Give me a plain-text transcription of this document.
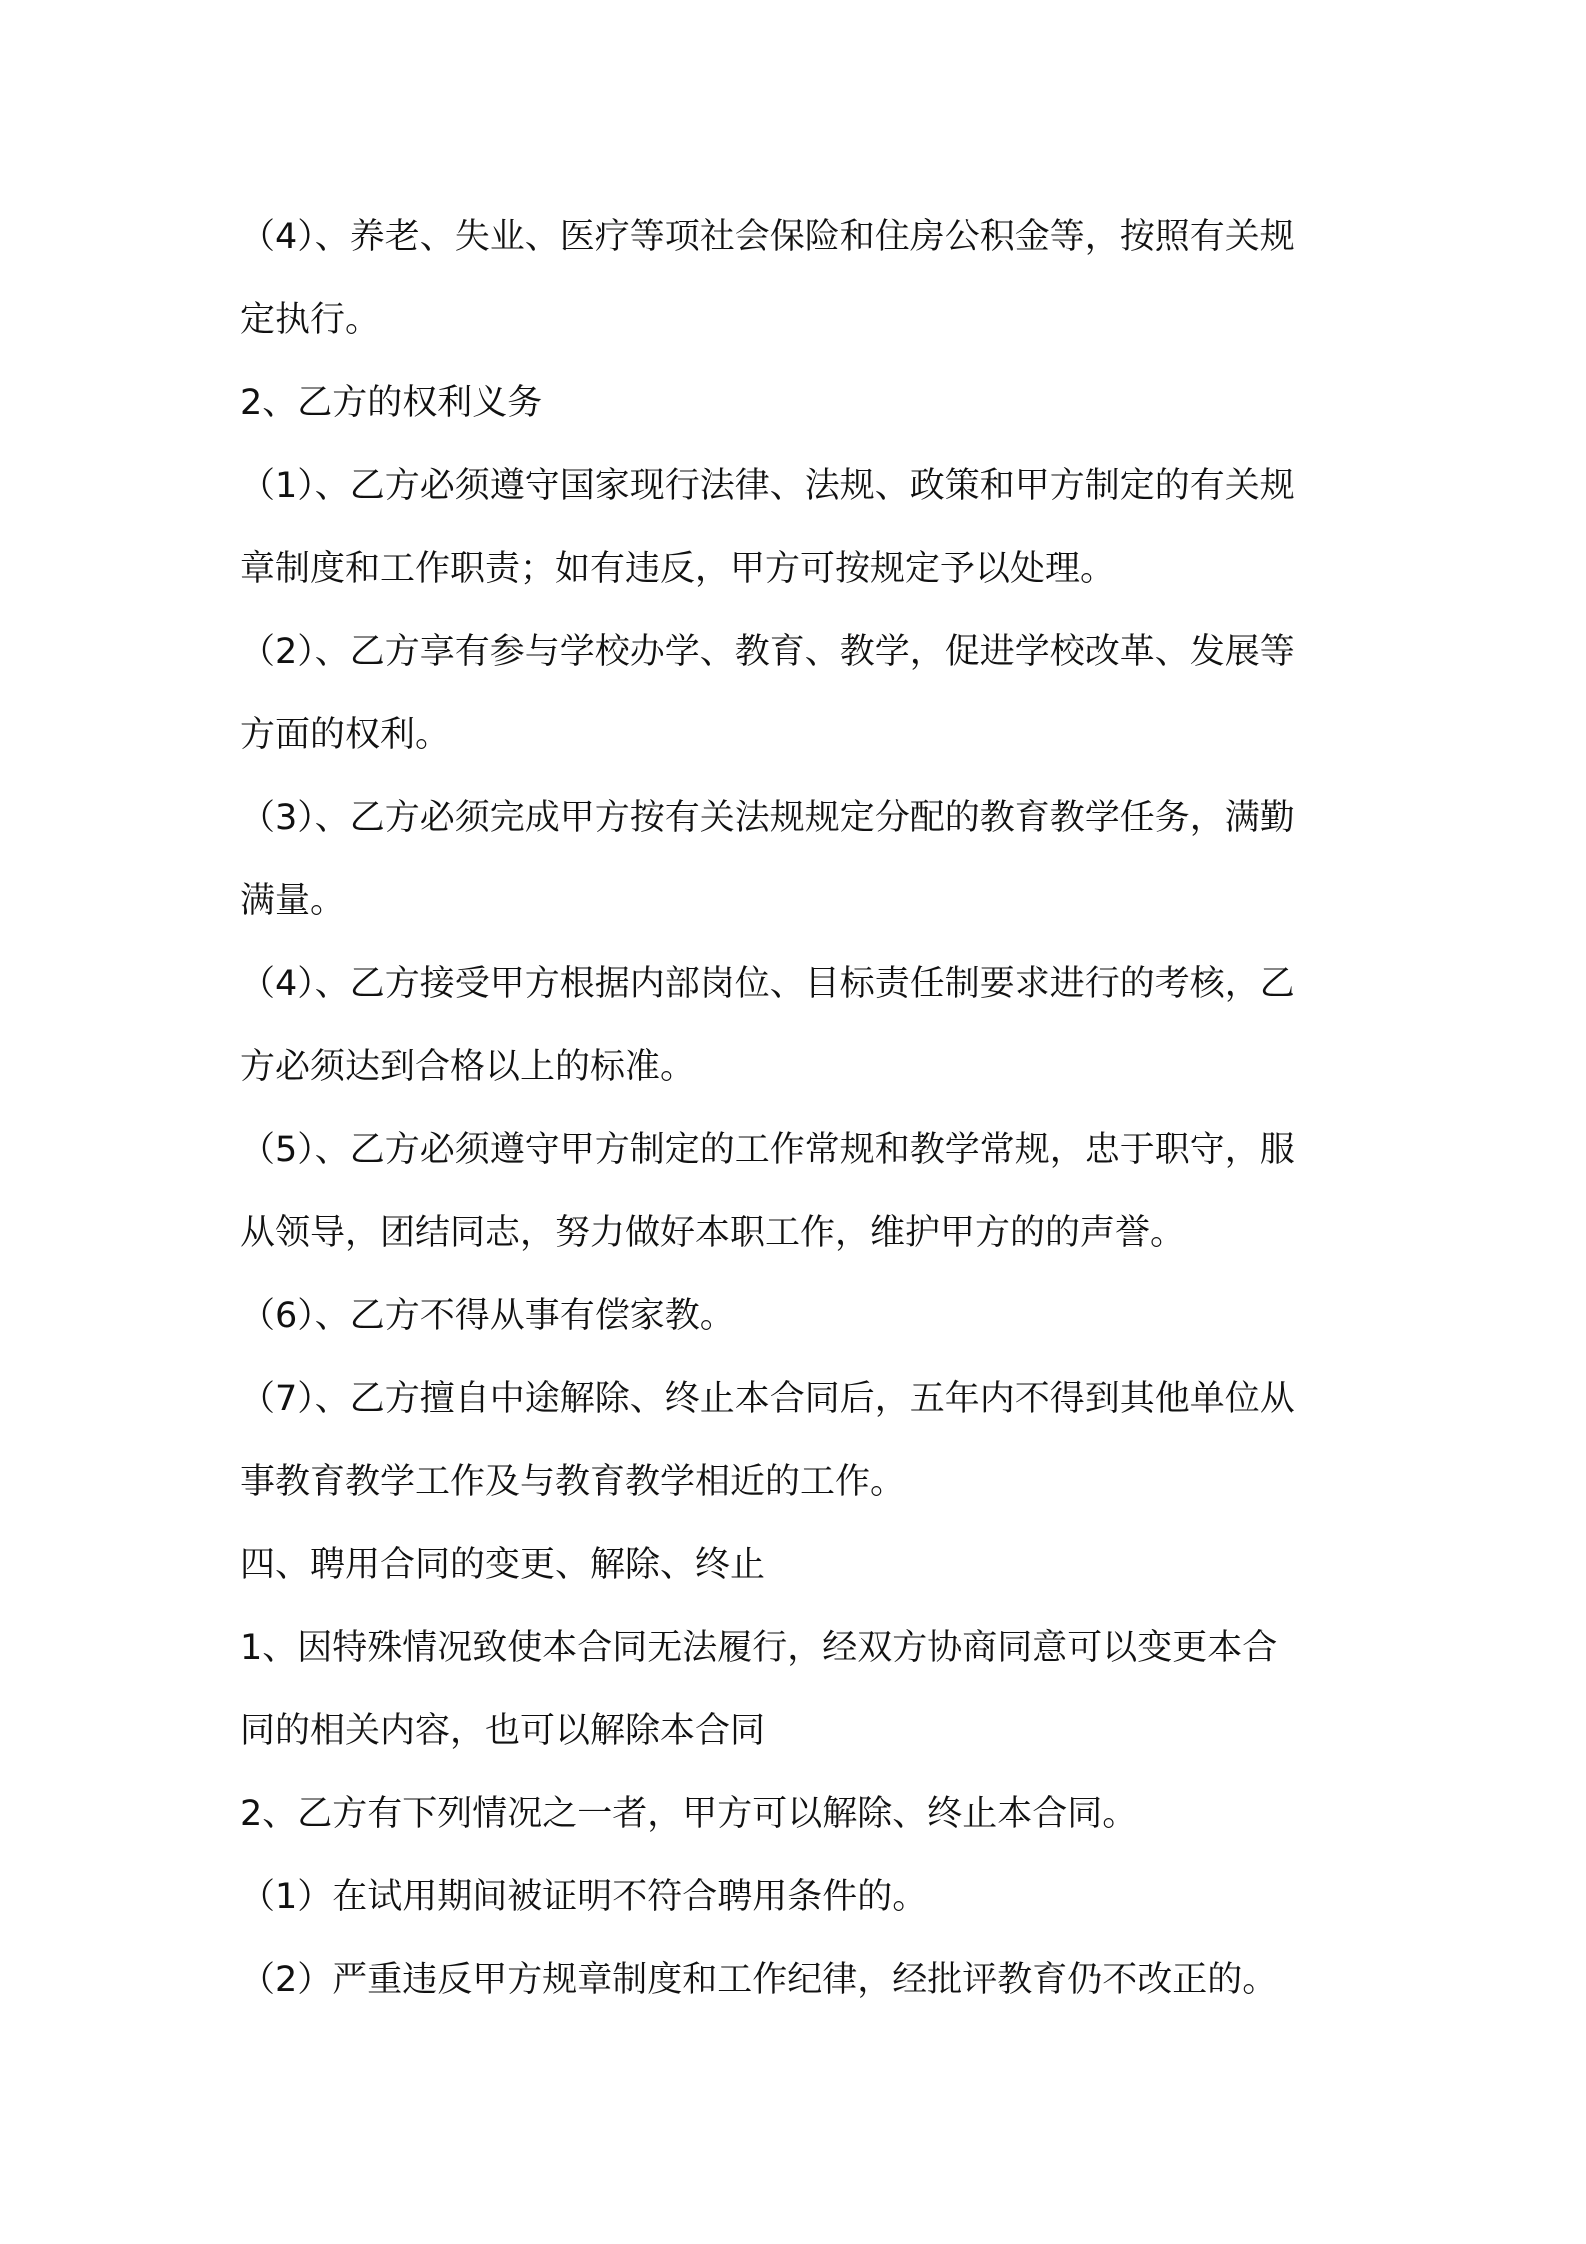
（4）、养老、失业、医疗等项社会保险和住房公积金等，按照有关规

定执行。

2、乙方的权利义务

（1）、乙方必须遵守国家现行法律、法规、政策和甲方制定的有关规

章制度和工作职责；如有违反，甲方可按规定予以处理。

（2）、乙方享有参与学校办学、教育、教学，促进学校改革、发展等

方面的权利。

（3）、乙方必须完成甲方按有关法规规定分配的教育教学任务，满勤

满量。

（4）、乙方接受甲方根据内部岗位、目标责任制要求进行的考核，乙

方必须达到合格以上的标准。

（5）、乙方必须遵守甲方制定的工作常规和教学常规，忠于职守，服

从领导，团结同志，努力做好本职工作，维护甲方的的声誉。

（6）、乙方不得从事有偿家教。

（7）、乙方擅自中途解除、终止本合同后，五年内不得到其他单位从

事教育教学工作及与教育教学相近的工作。

四、聘用合同的变更、解除、终止

1、因特殊情况致使本合同无法履行，经双方协商同意可以变更本合

同的相关内容，也可以解除本合同

2、乙方有下列情况之一者，甲方可以解除、终止本合同。

（1）在试用期间被证明不符合聘用条件的。

（2）严重违反甲方规章制度和工作纪律，经批评教育仍不改正的。
